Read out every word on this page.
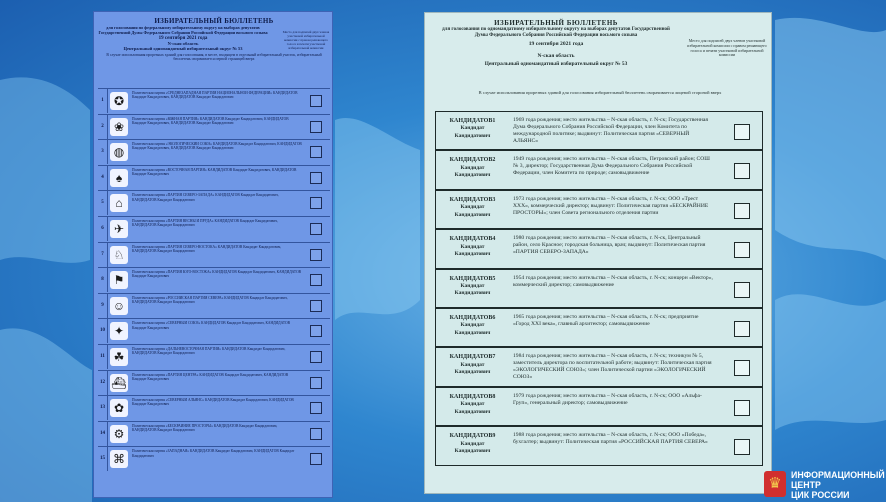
ИЗБИРАТЕЛЬНЫЙ БЮЛЛЕТЕНЬ
для голосования по федеральному избирательному округу на выборах депутатов Государственной Думы Федерального Собрания Российской Федерации восьмого созыва
19 сентября 2021 года
N-ская область
Центральный одномандатный избирательный округ № 53
В случае использования прорезных зданий для голосования, в месте, входящем в отдельный избирательный участок, избирательный бюллетень сворачивается первой страницей вверх
Место для подписей двух членов участковой избирательной комиссии с правом решающего голоса и печати участковой избирательной комиссии
1 ✪
Политическая партия «СРЕДНЕЗАПАДНАЯ ПАРТИЯ НАЦИОНАЛЬНОЙ ФЕДЕРАЦИИ» КАНДИДАТОВ Кандидат Кандидатович, КАНДИДАТОВ Кандидат Кандидатович
2 ❀
Политическая партия «ЮЖНАЯ ПАРТИЯ» КАНДИДАТОВ Кандидат Кандидатович, КАНДИДАТОВ Кандидат Кандидатович, КАНДИДАТОВ Кандидат Кандидатович
3 ◍
Политическая партия «ЭКОЛОГИЧЕСКИЙ СОЮЗ» КАНДИДАТОВ Кандидат Кандидатович, КАНДИДАТОВ Кандидат Кандидатович, КАНДИДАТОВ Кандидат Кандидатович
4	♠
Политическая партия «ВОСТОЧНАЯ ПАРТИЯ» КАНДИДАТОВ Кандидат Кандидатович, КАНДИДАТОВ Кандидат Кандидатович
5 ⌂
Политическая партия «ПАРТИЯ СЕВЕРО-ЗАПАДА» КАНДИДАТОВ Кандидат Кандидатович, КАНДИДАТОВ Кандидат Кандидатович
6 ✈
Политическая партия «ПАРТИЯ ВЕСНЫ И ПРУДА» КАНДИДАТОВ Кандидат Кандидатович, КАНДИДАТОВ Кандидат Кандидатович
7 ♘
Политическая партия «ПАРТИЯ СЕВЕРО-ВОСТОКА» КАНДИДАТОВ Кандидат Кандидатович, КАНДИДАТОВ Кандидат Кандидатович
8 ⚑
Политическая партия «ПАРТИЯ ЮГО-ВОСТОКА» КАНДИДАТОВ Кандидат Кандидатович, КАНДИДАТОВ Кандидат Кандидатович
9 ☺
Политическая партия «РОССИЙСКАЯ ПАРТИЯ СЕВЕРА» КАНДИДАТОВ Кандидат Кандидатович, КАНДИДАТОВ Кандидат Кандидатович
10 ✦
Политическая партия «СЕВЕРНЫЙ СОЮЗ» КАНДИДАТОВ Кандидат Кандидатович, КАНДИДАТОВ Кандидат Кандидатович
11 ☘
Политическая партия «ДАЛЬНЕВОСТОЧНАЯ ПАРТИЯ» КАНДИДАТОВ Кандидат Кандидатович, КАНДИДАТОВ Кандидат Кандидатович
12 ⛴
Политическая партия «ПАРТИЯ ЦЕНТРА» КАНДИДАТОВ Кандидат Кандидатович, КАНДИДАТОВ Кандидат Кандидатович
13 ✿
Политическая партия «СЕВЕРНЫЙ АЛЬЯНС» КАНДИДАТОВ Кандидат Кандидатович, КАНДИДАТОВ Кандидат Кандидатович
14 ⚙
Политическая партия «БЕСКРАЙНИЕ ПРОСТОРЫ» КАНДИДАТОВ Кандидат Кандидатович, КАНДИДАТОВ Кандидат Кандидатович
15 ⌘
Политическая партия «ЗАПАДНАЯ» КАНДИДАТОВ Кандидат Кандидатович, КАНДИДАТОВ Кандидат Кандидатович
ИЗБИРАТЕЛЬНЫЙ БЮЛЛЕТЕНЬ
для голосования по одномандатному избирательному округу на выборах депутатов Государственной Думы Федерального Собрания Российской Федерации восьмого созыва
19 сентября 2021 года
N-ская область
Центральный одномандатный избирательный округ № 53
Место для подписей двух членов участковой избирательной комиссии с правом решающего голоса и печати участковой избирательной комиссии
В случае использования прорезных зданий для голосования избирательный бюллетень сворачивается лицевой стороной вверх
КАНДИДАТОВ1
Кандидат
Кандидатович
1969 года рождения; место жительства – N-ская область, г. N-ск; Государственная Дума Федерального Собрания Российской Федерации, член Комитета по международной политике; выдвинут: Политическая партия «СЕВЕРНЫЙ АЛЬЯНС»
КАНДИДАТОВ2
Кандидат
Кандидатович
1949 года рождения; место жительства – N-ская область, Петровский район; СОШ № 3, директор; Государственная Дума Федерального Собрания Российской Федерации, член Комитета по природе; самовыдвижение
КАНДИДАТОВ3
Кандидат
Кандидатович
1973 года рождения; место жительства – N-ская область, г. N-ск; ООО «Трест XXX», коммерческий директор; выдвинут: Политическая партия «БЕСКРАЙНИЕ ПРОСТОРЫ»; член Совета регионального отделения партии
КАНДИДАТОВ4
Кандидат
Кандидатович
1980 года рождения; место жительства – N-ская область, г. N-ск, Центральный район, село Красное; городская больница, врач; выдвинут: Политическая партия «ПАРТИЯ СЕВЕРО-ЗАПАДА»
КАНДИДАТОВ5
Кандидат
Кандидатович
1954 года рождения; место жительства – N-ская область, г. N-ск; концерн «Вектор», коммерческий директор; самовыдвижение
КАНДИДАТОВ6
Кандидат
Кандидатович
1965 года рождения; место жительства – N-ская область, г. N-ск; предприятие «Город XXI века», главный архитектор; самовыдвижение
КАНДИДАТОВ7
Кандидат
Кандидатович
1984 года рождения; место жительства – N-ская область, г. N-ск; техникум № 5, заместитель директора по воспитательной работе; выдвинут: Политическая партия «ЭКОЛОГИЧЕСКИЙ СОЮЗ»; член Политической партии «ЭКОЛОГИЧЕСКИЙ СОЮЗ»
КАНДИДАТОВ8
Кандидат
Кандидатович
1979 года рождения; место жительства – N-ская область, г. N-ск; ООО «Альфа-Груп», генеральный директор; самовыдвижение
КАНДИДАТОВ9
Кандидат
Кандидатович
1988 года рождения; место жительства – N-ская область, г. N-ск; ООО «Победа», бухгалтер; выдвинут: Политическая партия «РОССИЙСКАЯ ПАРТИЯ СЕВЕРА»
♛
ИНФОРМАЦИОННЫЙ
ЦЕНТР
ЦИК РОССИИ
